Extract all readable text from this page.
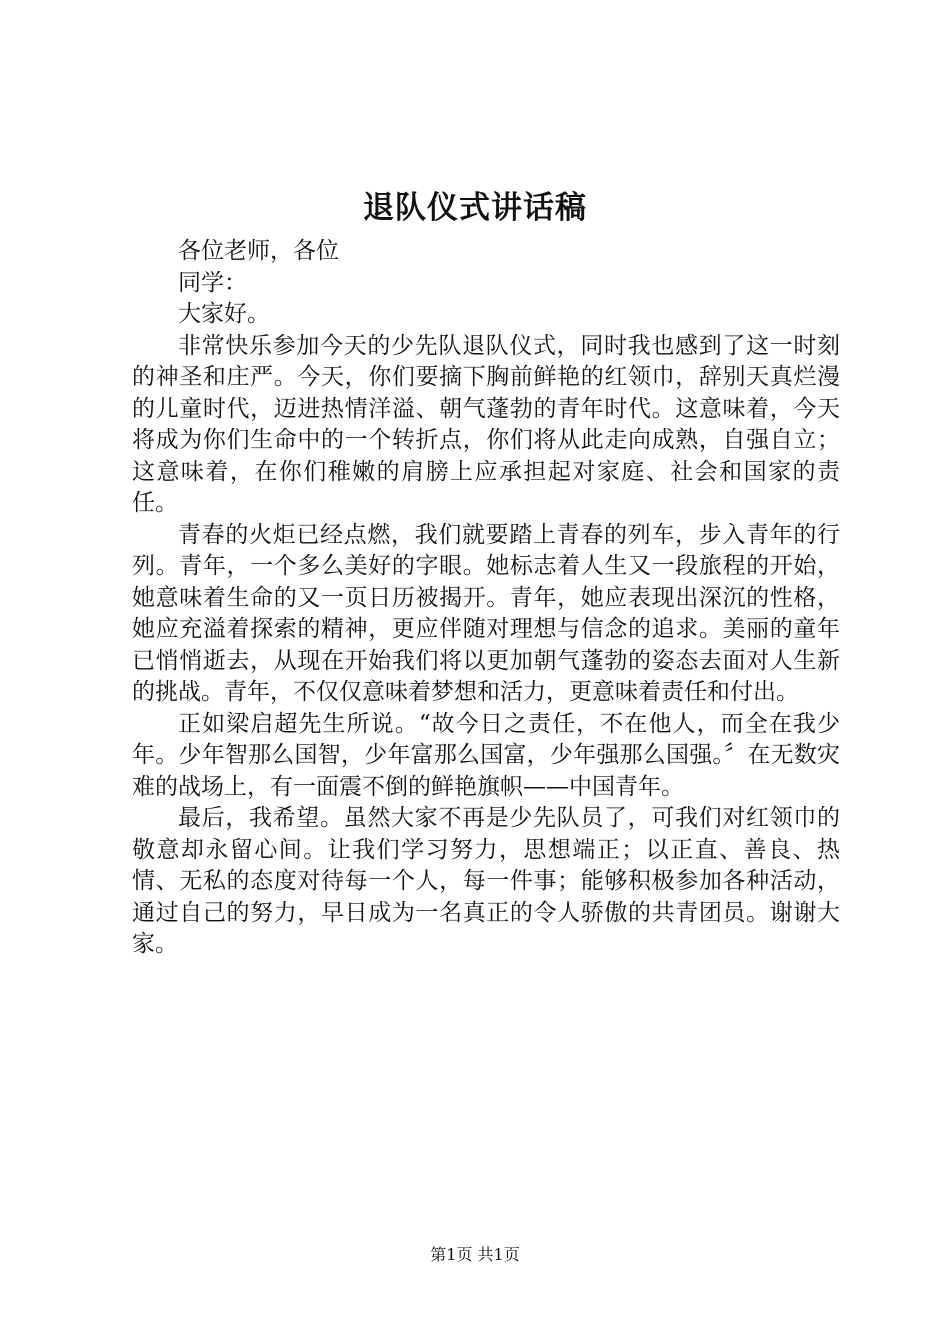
退队仪式讲话稿

各位老师，各位

同学：

大家好。

非常快乐参加今天的少先队退队仪式，同时我也感到了这一时刻的神圣和庄严。今天，你们要摘下胸前鲜艳的红领巾，辞别天真烂漫的儿童时代，迈进热情洋溢、朝气蓬勃的青年时代。这意味着，今天将成为你们生命中的一个转折点，你们将从此走向成熟，自强自立；这意味着，在你们稚嫩的肩膀上应承担起对家庭、社会和国家的责任。

青春的火炬已经点燃，我们就要踏上青春的列车，步入青年的行列。青年，一个多么美好的字眼。她标志着人生又一段旅程的开始，她意味着生命的又一页日历被揭开。青年，她应表现出深沉的性格，她应充溢着探索的精神，更应伴随对理想与信念的追求。美丽的童年已悄悄逝去，从现在开始我们将以更加朝气蓬勃的姿态去面对人生新的挑战。青年，不仅仅意味着梦想和活力，更意味着责任和付出。

正如梁启超先生所说。“故今日之责任，不在他人，而全在我少年。少年智那么国智，少年富那么国富，少年强那么国强。〞在无数灾难的战场上，有一面震不倒的鲜艳旗帜——中国青年。

最后，我希望。虽然大家不再是少先队员了，可我们对红领巾的敬意却永留心间。让我们学习努力，思想端正；以正直、善良、热情、无私的态度对待每一个人，每一件事；能够积极参加各种活动，通过自己的努力，早日成为一名真正的令人骄傲的共青团员。谢谢大家。

第1页 共1页
